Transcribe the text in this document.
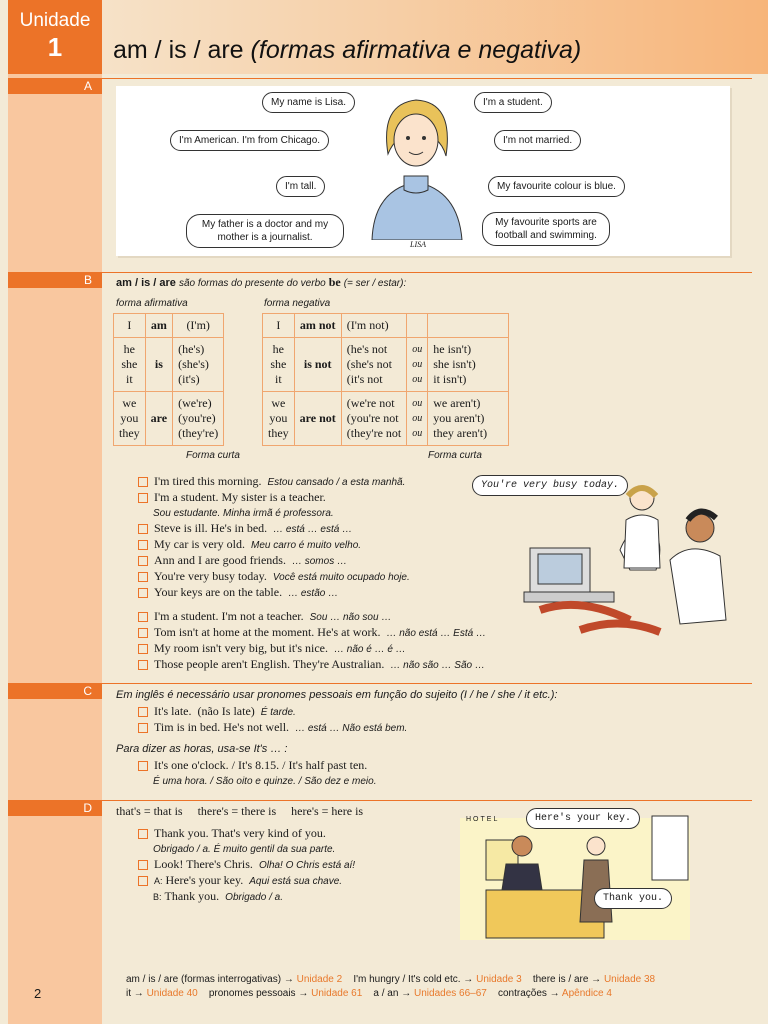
Unidade
1	am / is / are (formas afirmativa e negativa)
A
My name is Lisa.
I'm American. I'm from Chicago.
I'm tall.
My father is a doctor and my mother is a journalist.
I'm a student.
I'm not married.
My favourite colour is blue.
My favourite sports are football and swimming.
LISA
B am / is / are são formas do presente do verbo be (= ser / estar):
forma afirmativa	forma negativa
I	am	(I'm)
he
she
it	is	(he's)
(she's)
(it's)
we
you
they	are	(we're)
(you're)
(they're)
I	am not	(I'm not)		
he
she
it	is not	(he's not
(she's not
(it's not	ou
ou
ou	he isn't)
she isn't)
it isn't)
we
you
they	are not	(we're not
(you're not
(they're not	ou
ou
ou	we aren't)
you aren't)
they aren't)
Forma curta	Forma curta
I'm tired this morning. Estou cansado / a esta manhã.
I'm a student. My sister is a teacher.
Sou estudante. Minha irmã é professora.
Steve is ill. He's in bed. … está … está …
My car is very old. Meu carro é muito velho.
Ann and I are good friends. … somos …
You're very busy today. Você está muito ocupado hoje.
Your keys are on the table. … estão …
I'm a student. I'm not a teacher. Sou … não sou …
Tom isn't at home at the moment. He's at work. … não está … Está …
My room isn't very big, but it's nice. … não é … é …
Those people aren't English. They're Australian. … não são … São …
You're very busy today.
C Em inglês é necessário usar pronomes pessoais em função do sujeito (I / he / she / it etc.):
It's late. (não Is late) É tarde.
Tim is in bed. He's not well. … está … Não está bem.
Para dizer as horas, usa-se It's … :
It's one o'clock. / It's 8.15. / It's half past ten.
É uma hora. / São oito e quinze. / São dez e meio.
D that's = that is there's = there is here's = here is
Thank you. That's very kind of you.
Obrigado / a. É muito gentil da sua parte.
Look! There's Chris. Olha! O Chris está aí!
A: Here's your key. Aqui está sua chave.
B: Thank you. Obrigado / a.
HOTEL	Here's your key.
Thank you.
am / is / are (formas interrogativas) → Unidade 2 I'm hungry / It's cold etc. → Unidade 3 there is / are → Unidade 38
it → Unidade 40 pronomes pessoais → Unidade 61 a / an → Unidades 66–67 contrações → Apêndice 4
2
